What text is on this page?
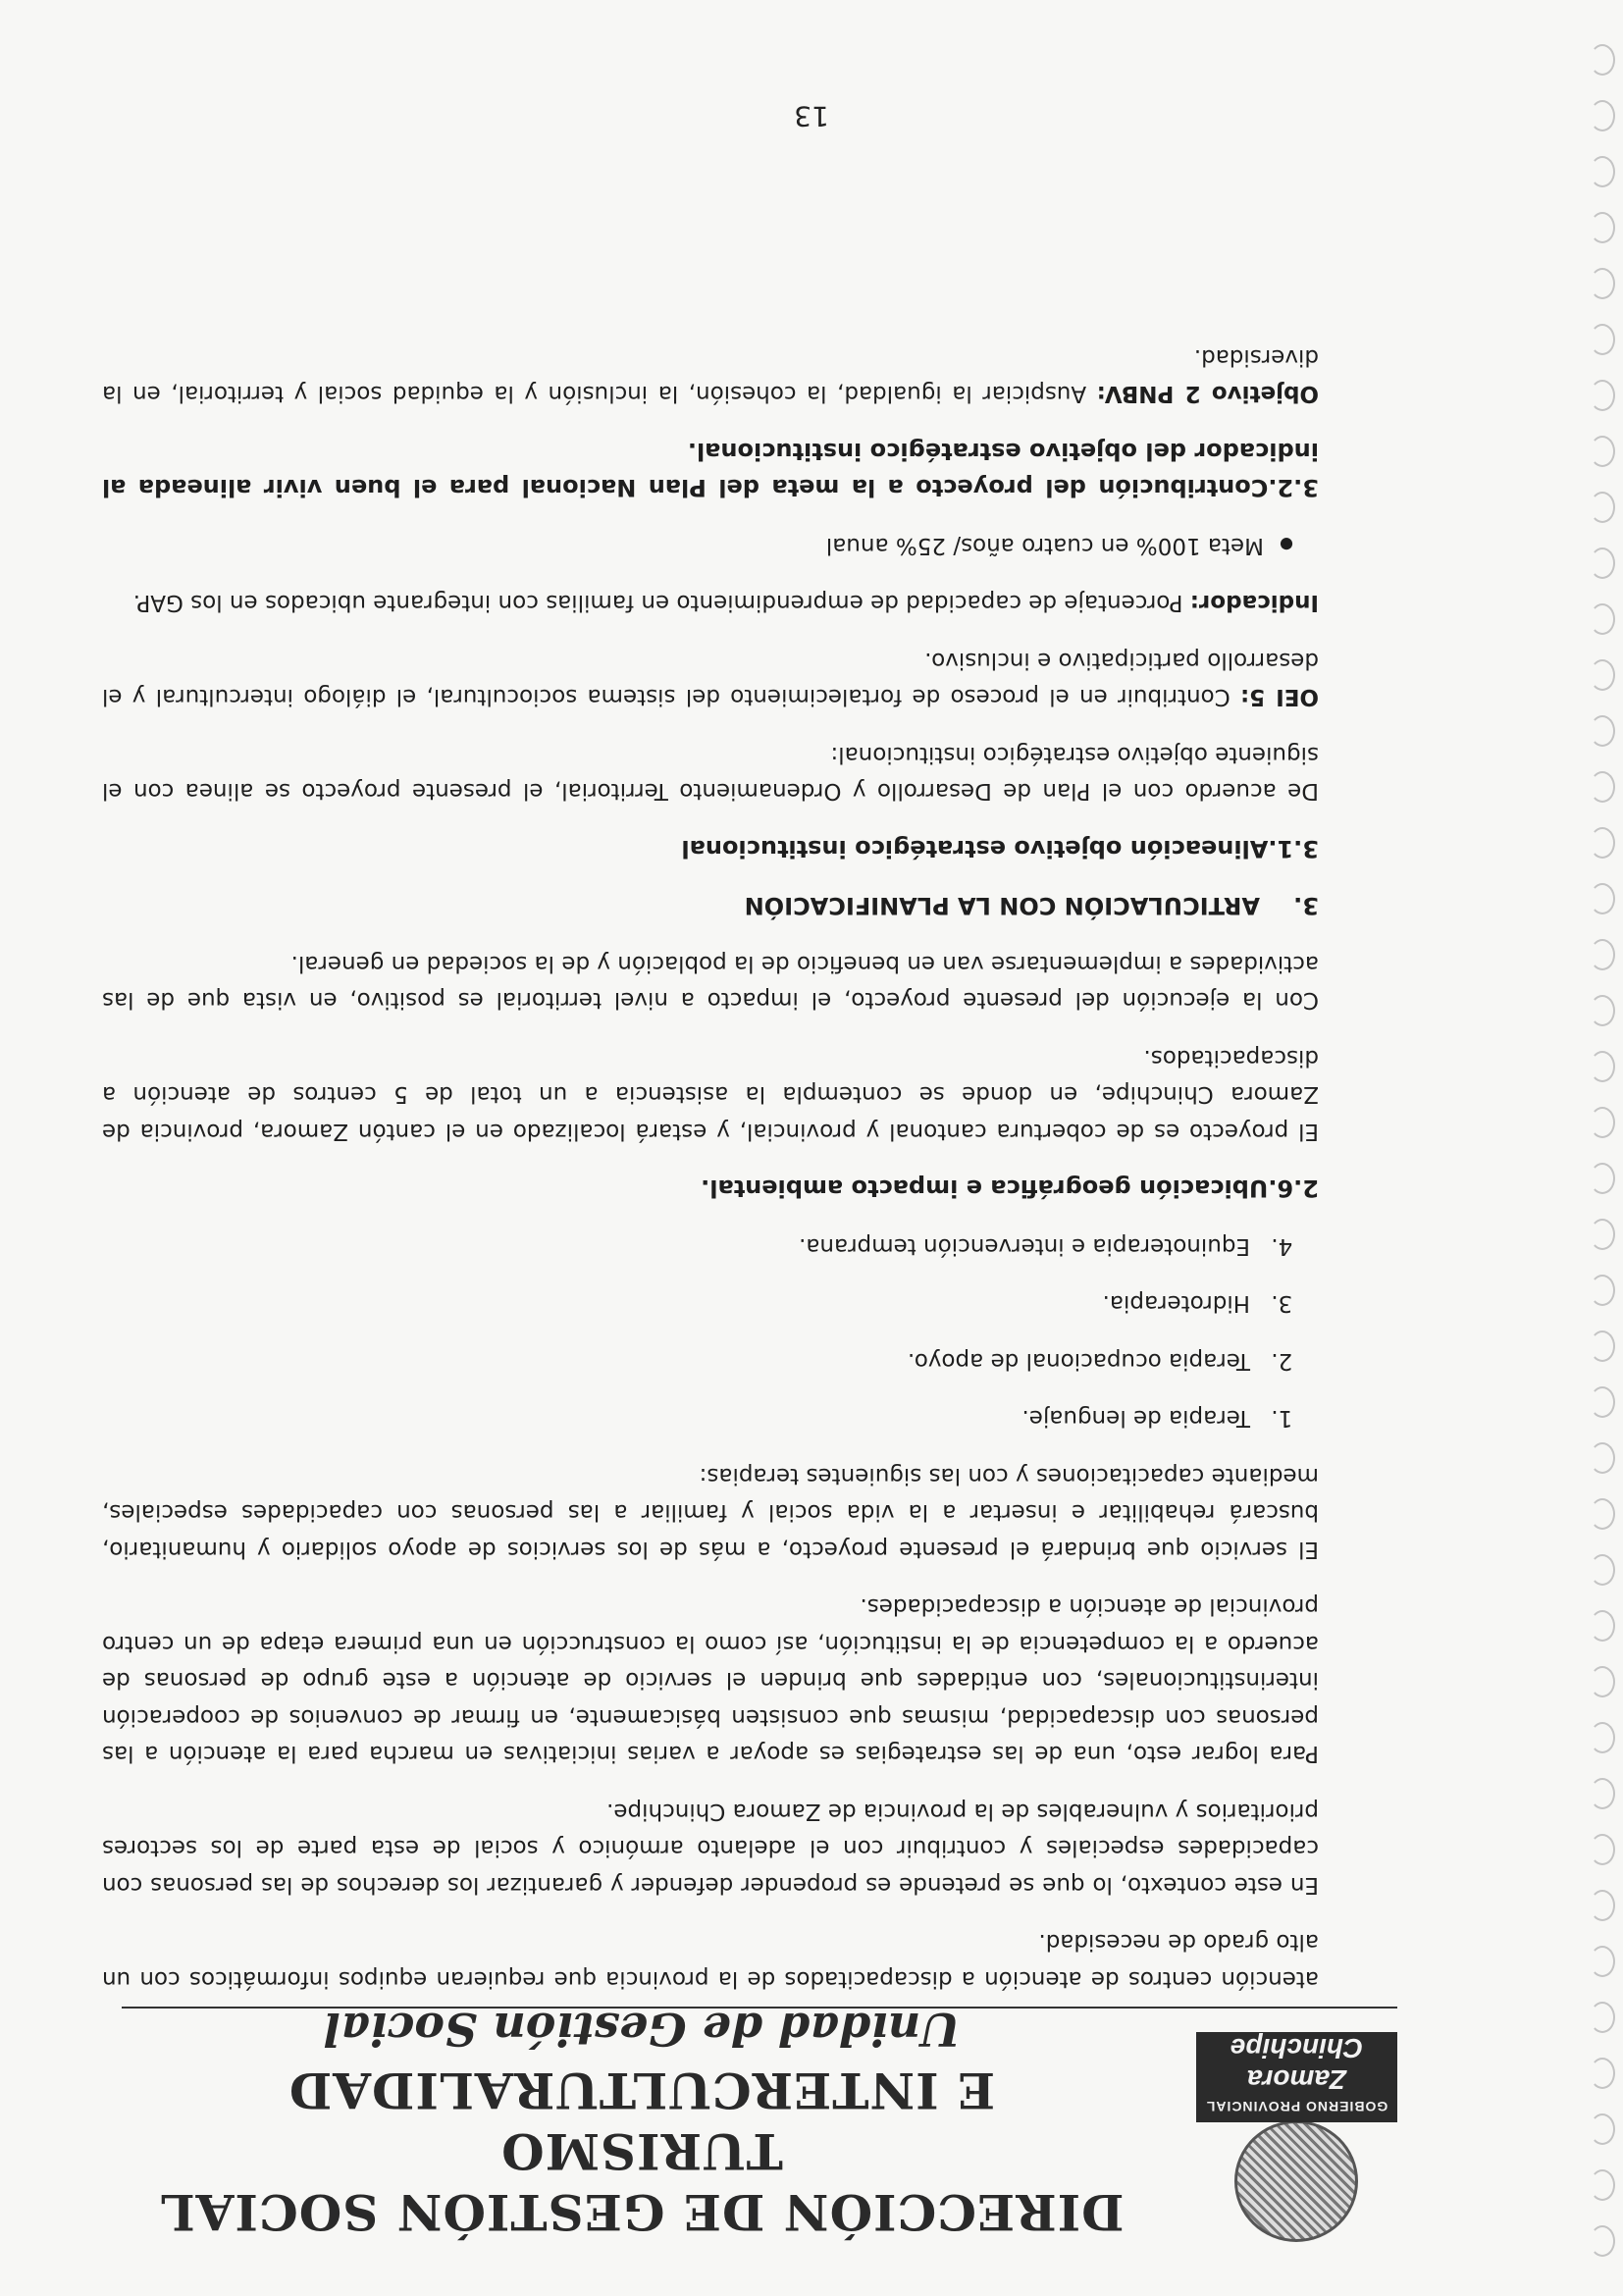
GOBIERNO PROVINCIAL
Zamora Chinchipe
DIRECCIÓN DE GESTIÓN SOCIAL TURISMO
E INTERCULTURALIDAD
Unidad de Gestión Social

atención centros de atención a discapacitados de la provincia que requieran equipos informáticos con un alto grado de necesidad.

En este contexto, lo que se pretende es propender defender y garantizar los derechos de las personas con capacidades especiales y contribuir con el adelanto armónico y social de esta parte de los sectores prioritarios y vulnerables de la provincia de Zamora Chinchipe.

Para lograr esto, una de las estrategias es apoyar a varias iniciativas en marcha para la atención a las personas con discapacidad, mismas que consisten básicamente, en firmar de convenios de cooperación interinstitucionales, con entidades que brinden el servicio de atención a este grupo de personas de acuerdo a la competencia de la institución, así como la construcción en una primera etapa de un centro provincial de atención a discapacidades.

El servicio que brindará el presente proyecto, a más de los servicios de apoyo solidario y humanitario, buscará rehabilitar e insertar a la vida social y familiar a las personas con capacidades especiales, mediante capacitaciones y con las siguientes terapias:

1. Terapia de lenguaje.
2. Terapia ocupacional de apoyo.
3. Hidroterapia.
4. Equinoterapia e intervención temprana.
2.6.Ubicación geográfica e impacto ambiental.

El proyecto es de cobertura cantonal y provincial, y estará localizado en el cantón Zamora, provincia de Zamora Chinchipe, en donde se contempla la asistencia a un total de 5 centros de atención a discapacitados.

Con la ejecución del presente proyecto, el impacto a nivel territorial es positivo, en vista que de las actividades a implementarse van en beneficio de la población y de la sociedad en general.

3.ARTICULACIÓN CON LA PLANIFICACIÓN
3.1.Alineación objetivo estratégico institucional

De acuerdo con el Plan de Desarrollo y Ordenamiento Territorial, el presente proyecto se alinea con el siguiente objetivo estratégico institucional:

OEI 5: Contribuir en el proceso de fortalecimiento del sistema sociocultural, el diálogo intercultural y el desarrollo participativo e inclusivo.

Indicador: Porcentaje de capacidad de emprendimiento en familias con integrante ubicados en los GAP.

● Meta 100% en cuatro años/ 25% anual
3.2.Contribución del proyecto a la meta del Plan Nacional para el buen vivir alineada al indicador del objetivo estratégico institucional.

Objetivo 2 PNBV: Auspiciar la igualdad, la cohesión, la inclusión y la equidad social y territorial, en la diversidad.

13
